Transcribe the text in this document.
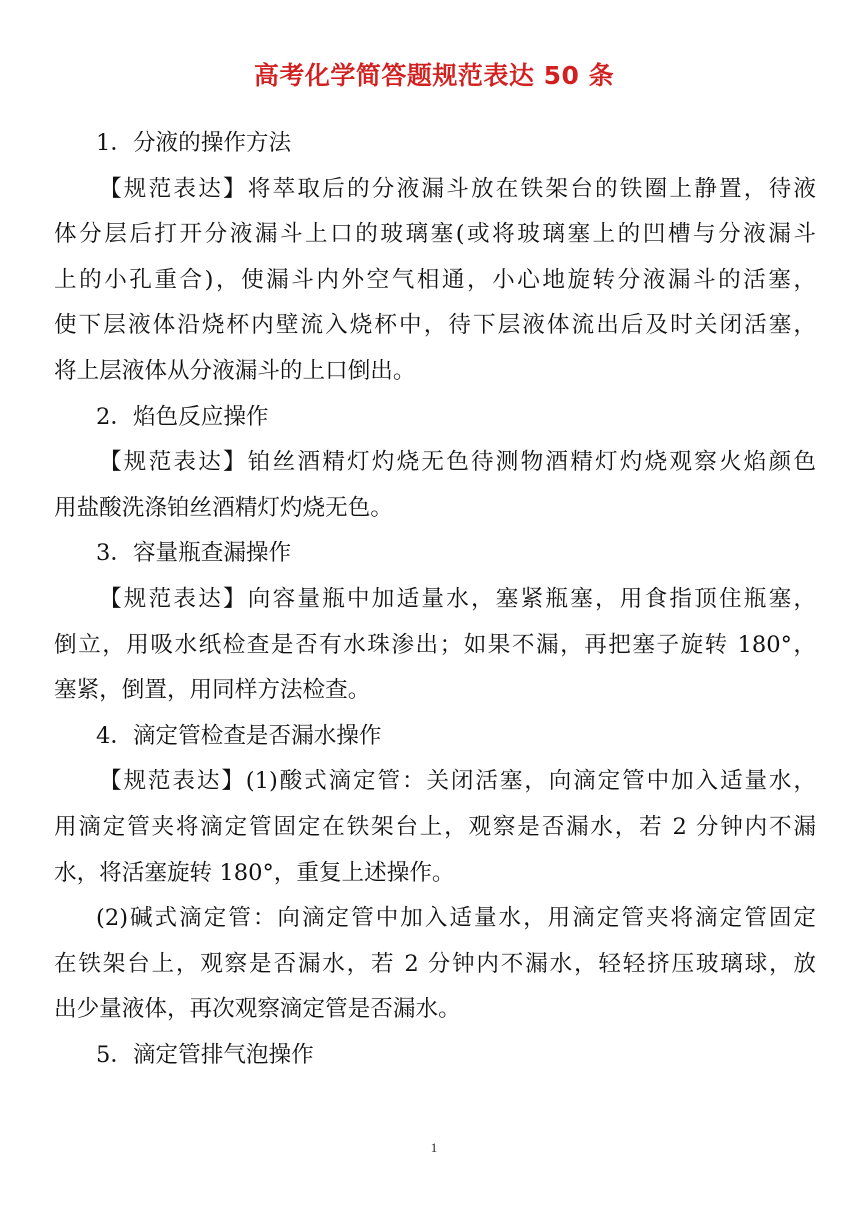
高考化学简答题规范表达 50 条
1．分液的操作方法
【规范表达】将萃取后的分液漏斗放在铁架台的铁圈上静置，待液
体分层后打开分液漏斗上口的玻璃塞(或将玻璃塞上的凹槽与分液漏斗
上的小孔重合)，使漏斗内外空气相通，小心地旋转分液漏斗的活塞，
使下层液体沿烧杯内壁流入烧杯中，待下层液体流出后及时关闭活塞，
将上层液体从分液漏斗的上口倒出。
2．焰色反应操作
【规范表达】铂丝酒精灯灼烧无色待测物酒精灯灼烧观察火焰颜色
用盐酸洗涤铂丝酒精灯灼烧无色。
3．容量瓶查漏操作
【规范表达】向容量瓶中加适量水，塞紧瓶塞，用食指顶住瓶塞，
倒立，用吸水纸检查是否有水珠渗出；如果不漏，再把塞子旋转 180°，
塞紧，倒置，用同样方法检查。
4．滴定管检查是否漏水操作
【规范表达】(1)酸式滴定管：关闭活塞，向滴定管中加入适量水，
用滴定管夹将滴定管固定在铁架台上，观察是否漏水，若 2 分钟内不漏
水，将活塞旋转 180°，重复上述操作。
(2)碱式滴定管：向滴定管中加入适量水，用滴定管夹将滴定管固定
在铁架台上，观察是否漏水，若 2 分钟内不漏水，轻轻挤压玻璃球，放
出少量液体，再次观察滴定管是否漏水。
5．滴定管排气泡操作
1
